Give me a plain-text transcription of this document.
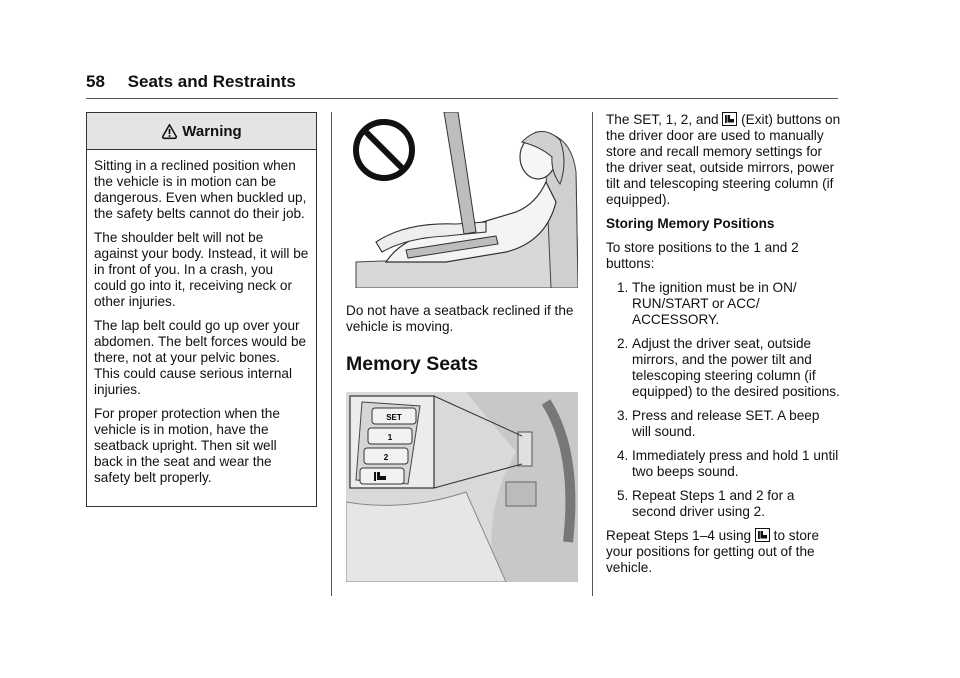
58 Seats and Restraints
Warning

Sitting in a reclined position when the vehicle is in motion can be dangerous. Even when buckled up, the safety belts cannot do their job.

The shoulder belt will not be against your body. Instead, it will be in front of you. In a crash, you could go into it, receiving neck or other injuries.

The lap belt could go up over your abdomen. The belt forces would be there, not at your pelvic bones. This could cause serious internal injuries.

For proper protection when the vehicle is in motion, have the seatback upright. Then sit well back in the seat and wear the safety belt properly.

Do not have a seatback reclined if the vehicle is moving.

Memory Seats
SET
1
2

The SET, 1, 2, and (Exit) buttons on the driver door are used to manually store and recall memory settings for the driver seat, outside mirrors, power tilt and telescoping steering column (if equipped).

Storing Memory Positions

To store positions to the 1 and 2 buttons:

1. The ignition must be in ON/ RUN/START or ACC/ ACCESSORY.
2. Adjust the driver seat, outside mirrors, and the power tilt and telescoping steering column (if equipped) to the desired positions.
3. Press and release SET. A beep will sound.
4. Immediately press and hold 1 until two beeps sound.
5. Repeat Steps 1 and 2 for a second driver using 2.

Repeat Steps 1–4 using to store your positions for getting out of the vehicle.
